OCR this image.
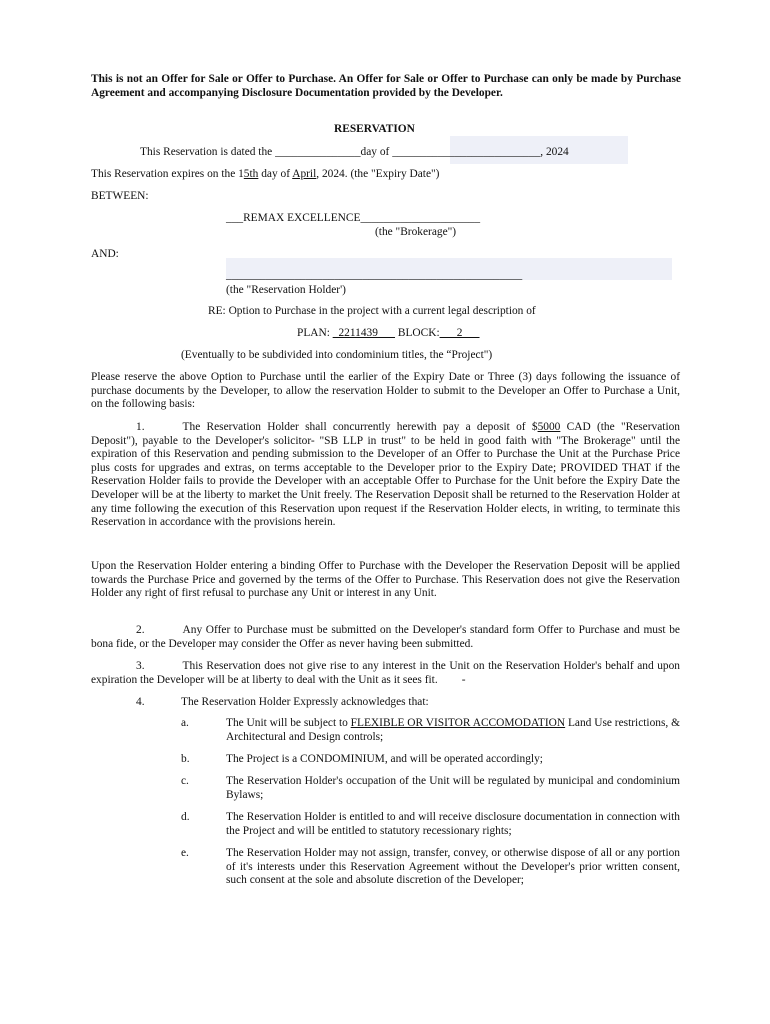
This is not an Offer for Sale or Offer to Purchase. An Offer for Sale or Offer to Purchase can only be made by Purchase Agreement and accompanying Disclosure Documentation provided by the Developer.
RESERVATION
This Reservation is dated the _______________day of __________________________, 2024
This Reservation expires on the 15th day of April, 2024. (the "Expiry Date")
BETWEEN:
___REMAX EXCELLENCE_____________________
(the "Brokerage")
AND:
____________________________________________________
(the "Reservation Holder')
RE: Option to Purchase in the project with a current legal description of
PLAN: _2211439___ BLOCK:___2___
(Eventually to be subdivided into condominium titles, the “Project")
Please reserve the above Option to Purchase until the earlier of the Expiry Date or Three (3) days following the issuance of purchase documents by the Developer, to allow the reservation Holder to submit to the Developer an Offer to Purchase a Unit, on the following basis:
1.	The Reservation Holder shall concurrently herewith pay a deposit of $5000 CAD (the "Reservation Deposit"), payable to the Developer's solicitor- "SB LLP in trust" to be held in good faith with "The Brokerage" until the expiration of this Reservation and pending submission to the Developer of an Offer to Purchase the Unit at the Purchase Price plus costs for upgrades and extras, on terms acceptable to the Developer prior to the Expiry Date; PROVIDED THAT if the Reservation Holder fails to provide the Developer with an acceptable Offer to Purchase for the Unit before the Expiry Date the Developer will be at the liberty to market the Unit freely. The Reservation Deposit shall be returned to the Reservation Holder at any time following the execution of this Reservation upon request if the Reservation Holder elects, in writing, to terminate this Reservation in accordance with the provisions herein.
Upon the Reservation Holder entering a binding Offer to Purchase with the Developer the Reservation Deposit will be applied towards the Purchase Price and governed by the terms of the Offer to Purchase. This Reservation does not give the Reservation Holder any right of first refusal to purchase any Unit or interest in any Unit.
2.	Any Offer to Purchase must be submitted on the Developer's standard form Offer to Purchase and must be bona fide, or the Developer may consider the Offer as never having been submitted.
3.	This Reservation does not give rise to any interest in the Unit on the Reservation Holder's behalf and upon expiration the Developer will be at liberty to deal with the Unit as it sees fit. -
4.	The Reservation Holder Expressly acknowledges that:
a.	The Unit will be subject to FLEXIBLE OR VISITOR ACCOMODATION Land Use restrictions, & Architectural and Design controls;
b.	The Project is a CONDOMINIUM, and will be operated accordingly;
c.	The Reservation Holder's occupation of the Unit will be regulated by municipal and condominium Bylaws;
d.	The Reservation Holder is entitled to and will receive disclosure documentation in connection with the Project and will be entitled to statutory recessionary rights;
e.	The Reservation Holder may not assign, transfer, convey, or otherwise dispose of all or any portion of it's interests under this Reservation Agreement without the Developer's prior written consent, such consent at the sole and absolute discretion of the Developer;
